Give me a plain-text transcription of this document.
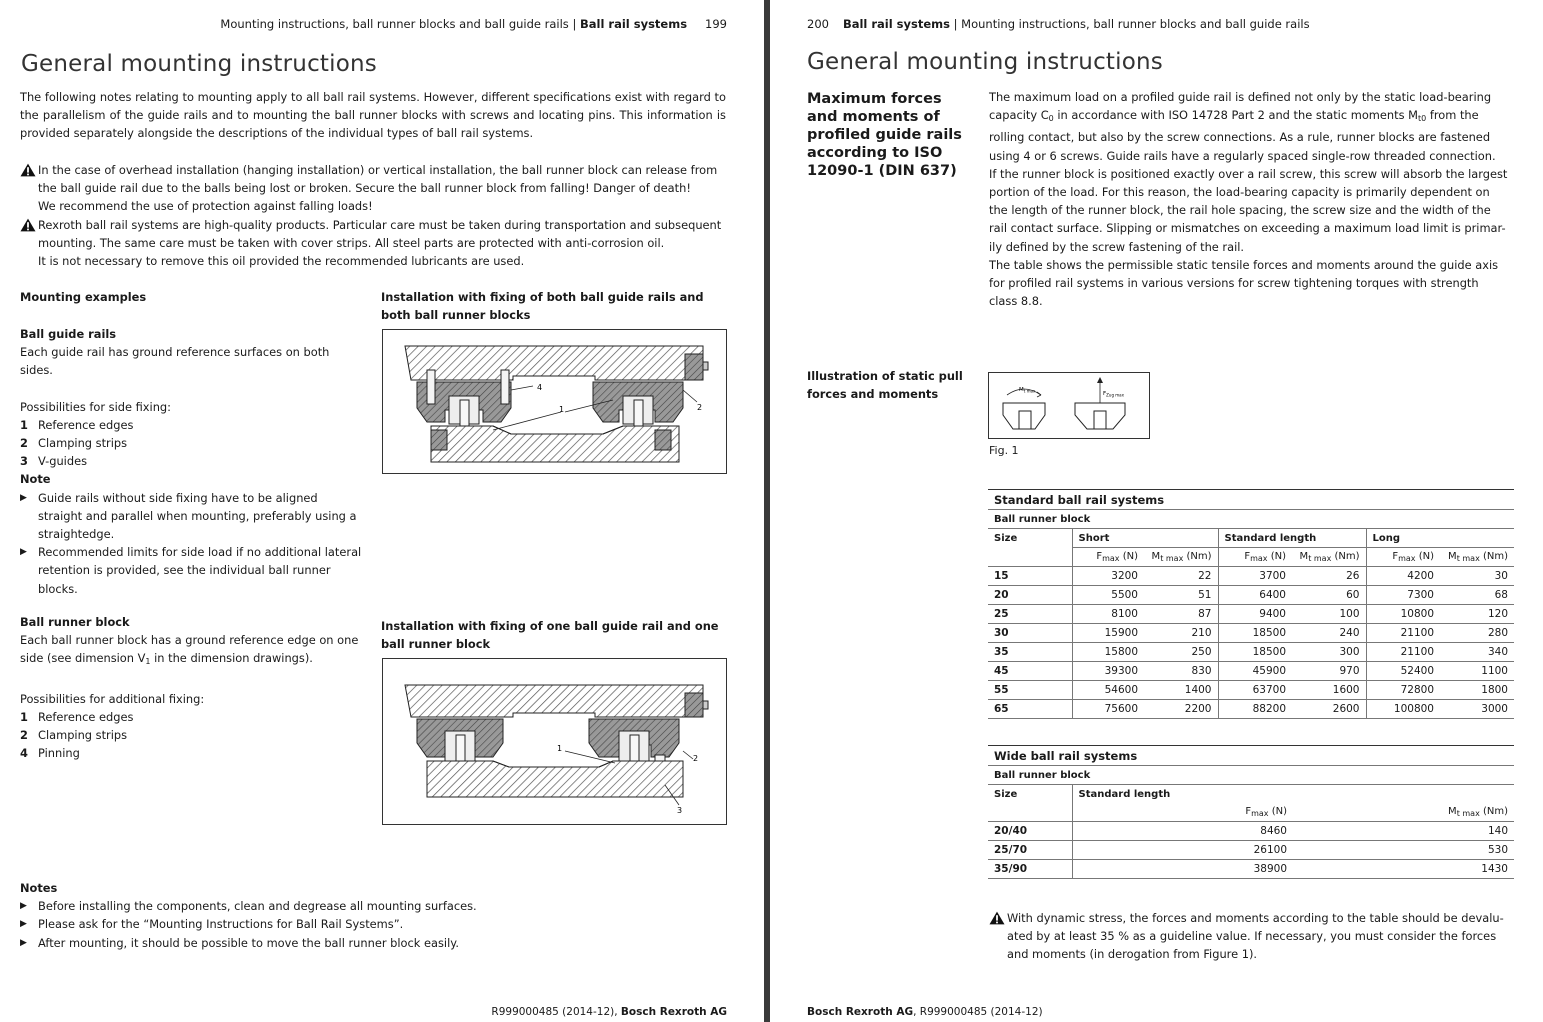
Mounting instructions, ball runner blocks and ball guide rails | Ball rail systems 199
General mounting instructions
The following notes relating to mounting apply to all ball rail systems. However, different specifications exist with regard to the parallelism of the guide rails and to mounting the ball runner blocks with screws and locating pins. This information is provided separately alongside the descriptions of the individual types of ball rail systems.
In the case of overhead installation (hanging installation) or vertical installation, the ball runner block can release from
the ball guide rail due to the balls being lost or broken. Secure the ball runner block from falling! Danger of death!
We recommend the use of protection against falling loads!
Rexroth ball rail systems are high-quality products. Particular care must be taken during transportation and subsequent
mounting. The same care must be taken with cover strips. All steel parts are protected with anti-corrosion oil.
It is not necessary to remove this oil provided the recommended lubricants are used.
Mounting examples
Ball guide rails
Each guide rail has ground reference surfaces on both sides.
Possibilities for side fixing:
1 Reference edges
2 Clamping strips
3 V-guides
Note
▶ Guide rails without side fixing have to be aligned straight and parallel when mounting, preferably using a straightedge.
▶ Recommended limits for side load if no additional lateral retention is provided, see the individual ball runner blocks.
Ball runner block
Each ball runner block has a ground reference edge on one side (see dimension V1 in the dimension drawings).
Possibilities for additional fixing:
1 Reference edges
2 Clamping strips
4 Pinning
Installation with fixing of both ball guide rails and both ball runner blocks
4
1	2
Installation with fixing of one ball guide rail and one ball runner block
1
2
3
Notes
▶ Before installing the components, clean and degrease all mounting surfaces.
▶ Please ask for the “Mounting Instructions for Ball Rail Systems”.
▶ After mounting, it should be possible to move the ball runner block easily.
R999000485 (2014-12), Bosch Rexroth AG
200 Ball rail systems | Mounting instructions, ball runner blocks and ball guide rails
General mounting instructions
Maximum forces and moments of profiled guide rails according to ISO 12090-1 (DIN 637)
The maximum load on a profiled guide rail is defined not only by the static load-bearing
capacity C0 in accordance with ISO 14728 Part 2 and the static moments Mt0 from the
rolling contact, but also by the screw connections. As a rule, runner blocks are fastened
using 4 or 6 screws. Guide rails have a regularly spaced single-row threaded connection.
If the runner block is positioned exactly over a rail screw, this screw will absorb the largest
portion of the load. For this reason, the load-bearing capacity is primarily dependent on
the length of the runner block, the rail hole spacing, the screw size and the width of the
rail contact surface. Slipping or mismatches on exceeding a maximum load limit is primar-
ily defined by the screw fastening of the rail.
The table shows the permissible static tensile forces and moments around the guide axis
for profiled rail systems in various versions for screw tightening torques with strength
class 8.8.
Illustration of static pull forces and moments	$M_{t max}$	$F_{Zug max}$
Fig. 1
Standard ball rail systems						
Ball runner block						
Size	Short		Standard length		Long	
	$F_{max}$ (N)	$M_{t max}$ (Nm)	$F_{max}$ (N)	$M_{t max}$ (Nm)	$F_{max}$ (N)	$M_{t max}$ (Nm)
15	3200	22	3700	26	4200	30
20	5500	51	6400	60	7300	68
25	8100	87	9400	100	10800	120
30	15900	210	18500	240	21100	280
35	15800	250	18500	300	21100	340
45	39300	830	45900	970	52400	1100
55	54600	1400	63700	1600	72800	1800
65	75600	2200	88200	2600	100800	3000
Wide ball rail systems		
Ball runner block		
Size	Standard length	
	$F_{max}$ (N)	$M_{t max}$ (Nm)
20/40	8460	140
25/70	26100	530
35/90	38900	1430
With dynamic stress, the forces and moments according to the table should be devalu-
ated by at least 35 % as a guideline value. If necessary, you must consider the forces
and moments (in derogation from Figure 1).
Bosch Rexroth AG, R999000485 (2014-12)
